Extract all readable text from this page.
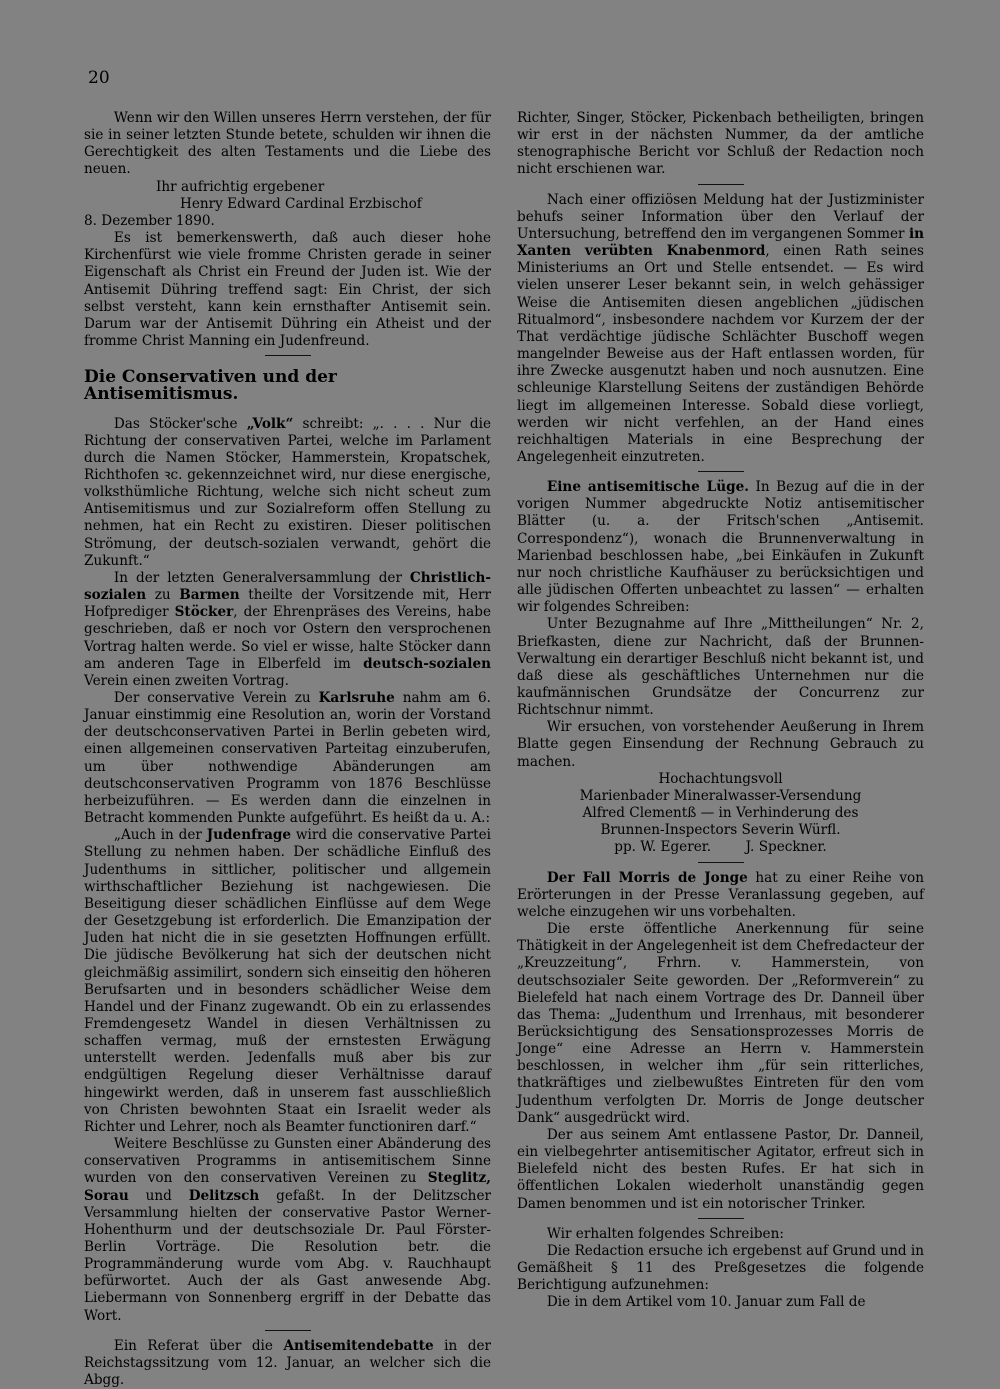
20

Wenn wir den Willen unseres Herrn verstehen, der für sie in seiner letzten Stunde betete, schulden wir ihnen die Gerechtigkeit des alten Testaments und die Liebe des neuen.

Ihr aufrichtig ergebener

Henry Edward Cardinal Erzbischof

8. Dezember 1890.

Es ist bemerkenswerth, daß auch dieser hohe Kirchenfürst wie viele fromme Christen gerade in seiner Eigenschaft als Christ ein Freund der Juden ist. Wie der Antisemit Dühring treffend sagt: Ein Christ, der sich selbst versteht, kann kein ernsthafter Antisemit sein. Darum war der Antisemit Dühring ein Atheist und der fromme Christ Manning ein Judenfreund.

Die Conservativen und der Antisemitismus.

Das Stöcker'sche „Volk“ schreibt: „. . . . Nur die Richtung der conservativen Partei, welche im Parlament durch die Namen Stöcker, Hammerstein, Kropatschek, Richthofen ꝛc. gekennzeichnet wird, nur diese energische, volksthümliche Richtung, welche sich nicht scheut zum Antisemitismus und zur Sozialreform offen Stellung zu nehmen, hat ein Recht zu existiren. Dieser politischen Strömung, der deutsch-sozialen verwandt, gehört die Zukunft.“

In der letzten Generalversammlung der Christlich-sozialen zu Barmen theilte der Vorsitzende mit, Herr Hofprediger Stöcker, der Ehrenpräses des Vereins, habe geschrieben, daß er noch vor Ostern den versprochenen Vortrag halten werde. So viel er wisse, halte Stöcker dann am anderen Tage in Elberfeld im deutsch-sozialen Verein einen zweiten Vortrag.

Der conservative Verein zu Karlsruhe nahm am 6. Januar einstimmig eine Resolution an, worin der Vorstand der deutschconservativen Partei in Berlin gebeten wird, einen allgemeinen conservativen Parteitag einzuberufen, um über nothwendige Abänderungen am deutschconservativen Programm von 1876 Beschlüsse herbeizuführen. — Es werden dann die einzelnen in Betracht kommenden Punkte aufgeführt. Es heißt da u. A.:

„Auch in der Judenfrage wird die conservative Partei Stellung zu nehmen haben. Der schädliche Einfluß des Judenthums in sittlicher, politischer und allgemein wirthschaftlicher Beziehung ist nachgewiesen. Die Beseitigung dieser schädlichen Einflüsse auf dem Wege der Gesetzgebung ist erforderlich. Die Emanzipation der Juden hat nicht die in sie gesetzten Hoffnungen erfüllt. Die jüdische Bevölkerung hat sich der deutschen nicht gleichmäßig assimilirt, sondern sich einseitig den höheren Berufsarten und in besonders schädlicher Weise dem Handel und der Finanz zugewandt. Ob ein zu erlassendes Fremdengesetz Wandel in diesen Verhältnissen zu schaffen vermag, muß der ernstesten Erwägung unterstellt werden. Jedenfalls muß aber bis zur endgültigen Regelung dieser Verhältnisse darauf hingewirkt werden, daß in unserem fast ausschließlich von Christen bewohnten Staat ein Israelit weder als Richter und Lehrer, noch als Beamter functioniren darf.“

Weitere Beschlüsse zu Gunsten einer Abänderung des conservativen Programms in antisemitischem Sinne wurden von den conservativen Vereinen zu Steglitz, Sorau und Delitzsch gefaßt. In der Delitzscher Versammlung hielten der conservative Pastor Werner-Hohenthurm und der deutschsoziale Dr. Paul Förster-Berlin Vorträge. Die Resolution betr. die Programmänderung wurde vom Abg. v. Rauchhaupt befürwortet. Auch der als Gast anwesende Abg. Liebermann von Sonnenberg ergriff in der Debatte das Wort.

Ein Referat über die Antisemitendebatte in der Reichstagssitzung vom 12. Januar, an welcher sich die Abgg.

Richter, Singer, Stöcker, Pickenbach betheiligten, bringen wir erst in der nächsten Nummer, da der amtliche stenographische Bericht vor Schluß der Redaction noch nicht erschienen war.

Nach einer offiziösen Meldung hat der Justizminister behufs seiner Information über den Verlauf der Untersuchung, betreffend den im vergangenen Sommer in Xanten verübten Knabenmord, einen Rath seines Ministeriums an Ort und Stelle entsendet. — Es wird vielen unserer Leser bekannt sein, in welch gehässiger Weise die Antisemiten diesen angeblichen „jüdischen Ritualmord“, insbesondere nachdem vor Kurzem der der That verdächtige jüdische Schlächter Buschoff wegen mangelnder Beweise aus der Haft entlassen worden, für ihre Zwecke ausgenutzt haben und noch ausnutzen. Eine schleunige Klarstellung Seitens der zuständigen Behörde liegt im allgemeinen Interesse. Sobald diese vorliegt, werden wir nicht verfehlen, an der Hand eines reichhaltigen Materials in eine Besprechung der Angelegenheit einzutreten.

Eine antisemitische Lüge. In Bezug auf die in der vorigen Nummer abgedruckte Notiz antisemitischer Blätter (u. a. der Fritsch'schen „Antisemit. Correspondenz“), wonach die Brunnenverwaltung in Marienbad beschlossen habe, „bei Einkäufen in Zukunft nur noch christliche Kaufhäuser zu berücksichtigen und alle jüdischen Offerten unbeachtet zu lassen“ — erhalten wir folgendes Schreiben:

Unter Bezugnahme auf Ihre „Mittheilungen“ Nr. 2, Briefkasten, diene zur Nachricht, daß der Brunnen-Verwaltung ein derartiger Beschluß nicht bekannt ist, und daß diese als geschäftliches Unternehmen nur die kaufmännischen Grundsätze der Concurrenz zur Richtschnur nimmt.

Wir ersuchen, von vorstehender Aeußerung in Ihrem Blatte gegen Einsendung der Rechnung Gebrauch zu machen.

Hochachtungsvoll

Marienbader Mineralwasser-Versendung

Alfred Clementß — in Verhinderung des

Brunnen-Inspectors Severin Würfl.

pp. W. Egerer.        J. Speckner.

Der Fall Morris de Jonge hat zu einer Reihe von Erörterungen in der Presse Veranlassung gegeben, auf welche einzugehen wir uns vorbehalten.

Die erste öffentliche Anerkennung für seine Thätigkeit in der Angelegenheit ist dem Chefredacteur der „Kreuzzeitung“, Frhrn. v. Hammerstein, von deutschsozialer Seite geworden. Der „Reformverein“ zu Bielefeld hat nach einem Vortrage des Dr. Danneil über das Thema: „Judenthum und Irrenhaus, mit besonderer Berücksichtigung des Sensationsprozesses Morris de Jonge“ eine Adresse an Herrn v. Hammerstein beschlossen, in welcher ihm „für sein ritterliches, thatkräftiges und zielbewußtes Eintreten für den vom Judenthum verfolgten Dr. Morris de Jonge deutscher Dank“ ausgedrückt wird.

Der aus seinem Amt entlassene Pastor, Dr. Danneil, ein vielbegehrter antisemitischer Agitator, erfreut sich in Bielefeld nicht des besten Rufes. Er hat sich in öffentlichen Lokalen wiederholt unanständig gegen Damen benommen und ist ein notorischer Trinker.

Wir erhalten folgendes Schreiben:

Die Redaction ersuche ich ergebenst auf Grund und in Gemäßheit § 11 des Preßgesetzes die folgende Berichtigung aufzunehmen:

Die in dem Artikel vom 10. Januar zum Fall de
